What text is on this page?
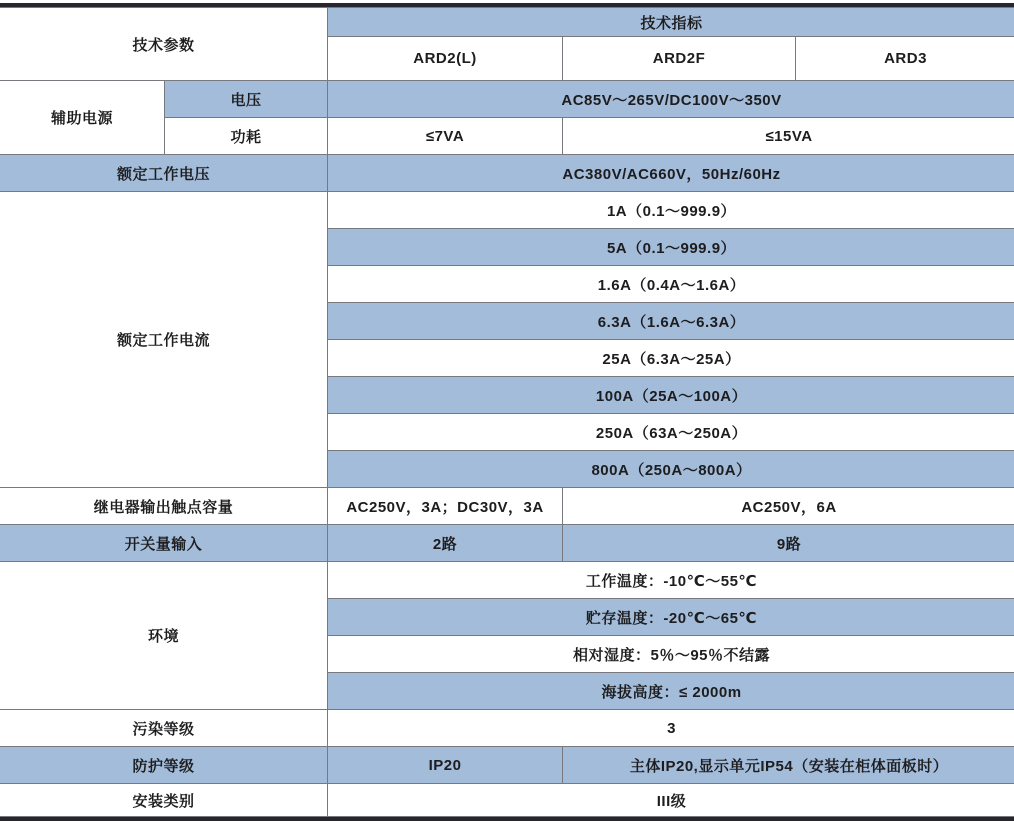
技术参数		技术指标		
		ARD2(L)	ARD2F	ARD3
辅助电源	电压	AC85V～265V/DC100V～350V		
	功耗	≤7VA	≤15VA	
额定工作电压		AC380V/AC660V，50Hz/60Hz		
额定工作电流		1A（0.1～999.9）		
		5A（0.1～999.9）		
		1.6A（0.4A～1.6A）		
		6.3A（1.6A～6.3A）		
		25A（6.3A～25A）		
		100A（25A～100A）		
		250A（63A～250A）		
		800A（250A～800A）		
继电器输出触点容量		AC250V，3A；DC30V，3A	AC250V，6A	
开关量输入		2路	9路	
环境		工作温度：-10℃～55℃		
		贮存温度：-20℃～65℃		
		相对湿度：5％～95％不结露		
		海拔高度：≤ 2000m		
污染等级		3		
防护等级		IP20	主体IP20,显示单元IP54（安装在柜体面板时）	
安装类别		III级		
